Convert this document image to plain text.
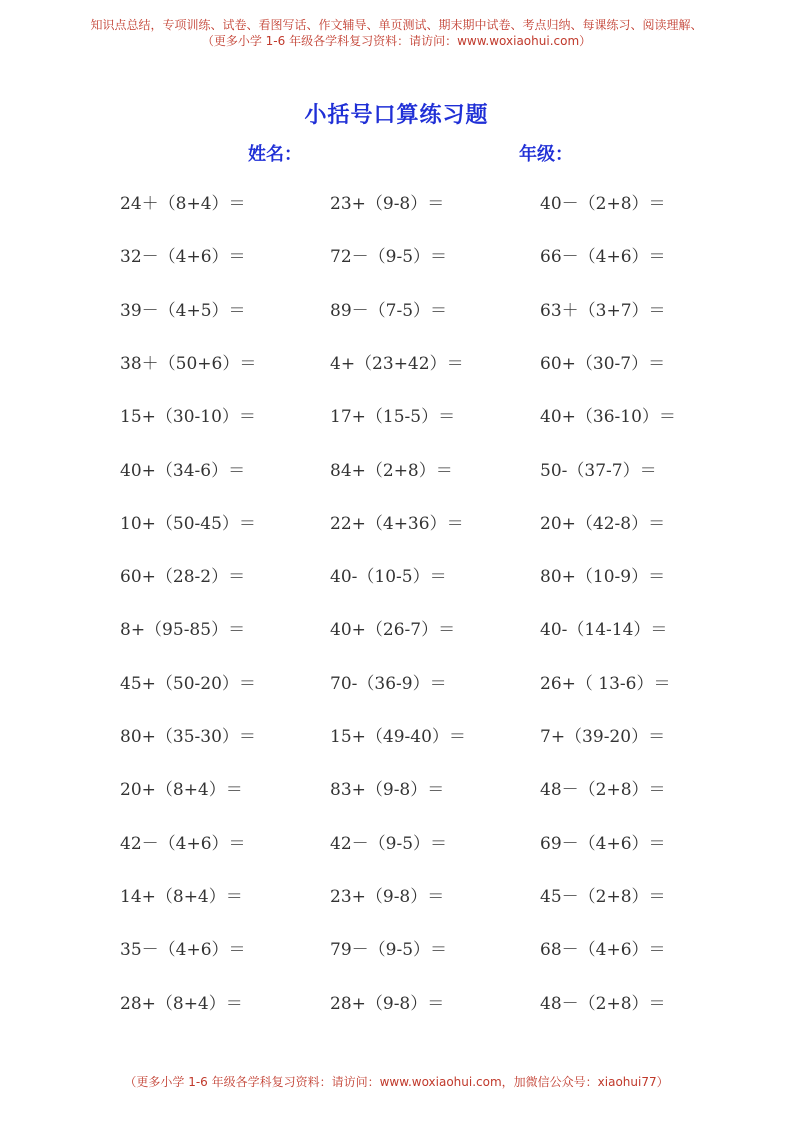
知识点总结，专项训练、试卷、看图写话、作文辅导、单页测试、期末期中试卷、考点归纳、每课练习、阅读理解、
（更多小学 1-6 年级各学科复习资料：请访问：www.woxiaohui.com）
小括号口算练习题
姓名：	年级：
24＋（8+4）＝	23+（9-8）＝	40－（2+8）＝
32－（4+6）＝	72－（9-5）＝	66－（4+6）＝
39－（4+5）＝	89－（7-5）＝	63＋（3+7）＝
38＋（50+6）＝	4+（23+42）＝	60+（30-7）＝
15+（30-10）＝	17+（15-5）＝	40+（36-10）＝
40+（34-6）＝	84+（2+8）＝	50-（37-7）＝
10+（50-45）＝	22+（4+36）＝	20+（42-8）＝
60+（28-2）＝	40-（10-5）＝	80+（10-9）＝
8+（95-85）＝	40+（26-7）＝	40-（14-14）＝
45+（50-20）＝	70-（36-9）＝	26+（ 13-6）＝
80+（35-30）＝	15+（49-40）＝	7+（39-20）＝
20+（8+4）＝	83+（9-8）＝	48－（2+8）＝
42－（4+6）＝	42－（9-5）＝	69－（4+6）＝
14+（8+4）＝	23+（9-8）＝	45－（2+8）＝
35－（4+6）＝	79－（9-5）＝	68－（4+6）＝
28+（8+4）＝	28+（9-8）＝	48－（2+8）＝
（更多小学 1-6 年级各学科复习资料：请访问：www.woxiaohui.com，加微信公众号：xiaohui77）
